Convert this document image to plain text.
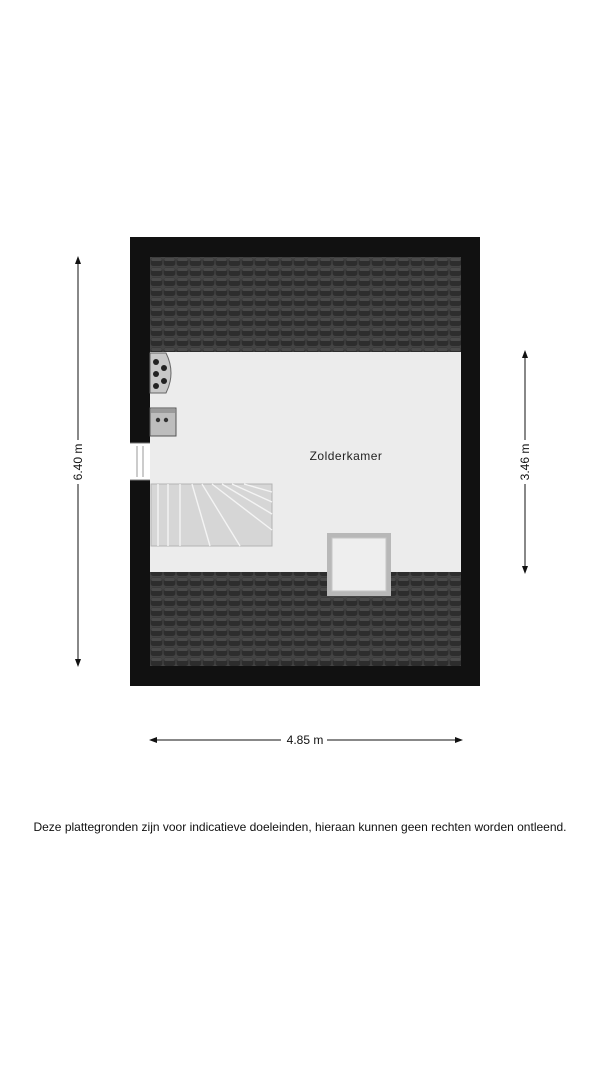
Zolderkamer
6.40 m	3.46 m
4.85 m

Deze plattegronden zijn voor indicatieve doeleinden, hieraan kunnen geen rechten worden ontleend.
